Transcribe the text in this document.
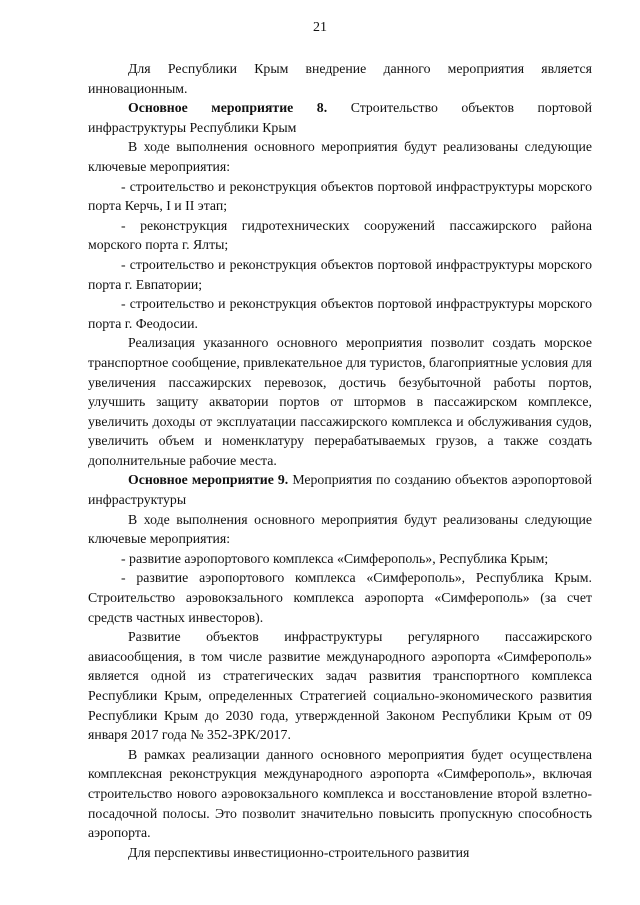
21

Для Республики Крым внедрение данного мероприятия является инновационным.

Основное мероприятие 8. Строительство объектов портовой инфраструктуры Республики Крым

В ходе выполнения основного мероприятия будут реализованы следующие ключевые мероприятия:

- строительство и реконструкция объектов портовой инфраструктуры морского порта Керчь, I и II этап;

- реконструкция гидротехнических сооружений пассажирского района морского порта г. Ялты;

- строительство и реконструкция объектов портовой инфраструктуры морского порта г. Евпатории;

- строительство и реконструкция объектов портовой инфраструктуры морского порта г. Феодосии.

Реализация указанного основного мероприятия позволит создать морское транспортное сообщение, привлекательное для туристов, благоприятные условия для увеличения пассажирских перевозок, достичь безубыточной работы портов, улучшить защиту акватории портов от штормов в пассажирском комплексе, увеличить доходы от эксплуатации пассажирского комплекса и обслуживания судов, увеличить объем и номенклатуру перерабатываемых грузов, а также создать дополнительные рабочие места.

Основное мероприятие 9. Мероприятия по созданию объектов аэропортовой инфраструктуры

В ходе выполнения основного мероприятия будут реализованы следующие ключевые мероприятия:

- развитие аэропортового комплекса «Симферополь», Республика Крым;

- развитие аэропортового комплекса «Симферополь», Республика Крым. Строительство аэровокзального комплекса аэропорта «Симферополь» (за счет средств частных инвесторов).

Развитие объектов инфраструктуры регулярного пассажирского авиасообщения, в том числе развитие международного аэропорта «Симферополь» является одной из стратегических задач развития транспортного комплекса Республики Крым, определенных Стратегией социально-экономического развития Республики Крым до 2030 года, утвержденной Законом Республики Крым от 09 января 2017 года № 352-ЗРК/2017.

В рамках реализации данного основного мероприятия будет осуществлена комплексная реконструкция международного аэропорта «Симферополь», включая строительство нового аэровокзального комплекса и восстановление второй взлетно-посадочной полосы. Это позволит значительно повысить пропускную способность аэропорта.

Для перспективы инвестиционно-строительного развития
